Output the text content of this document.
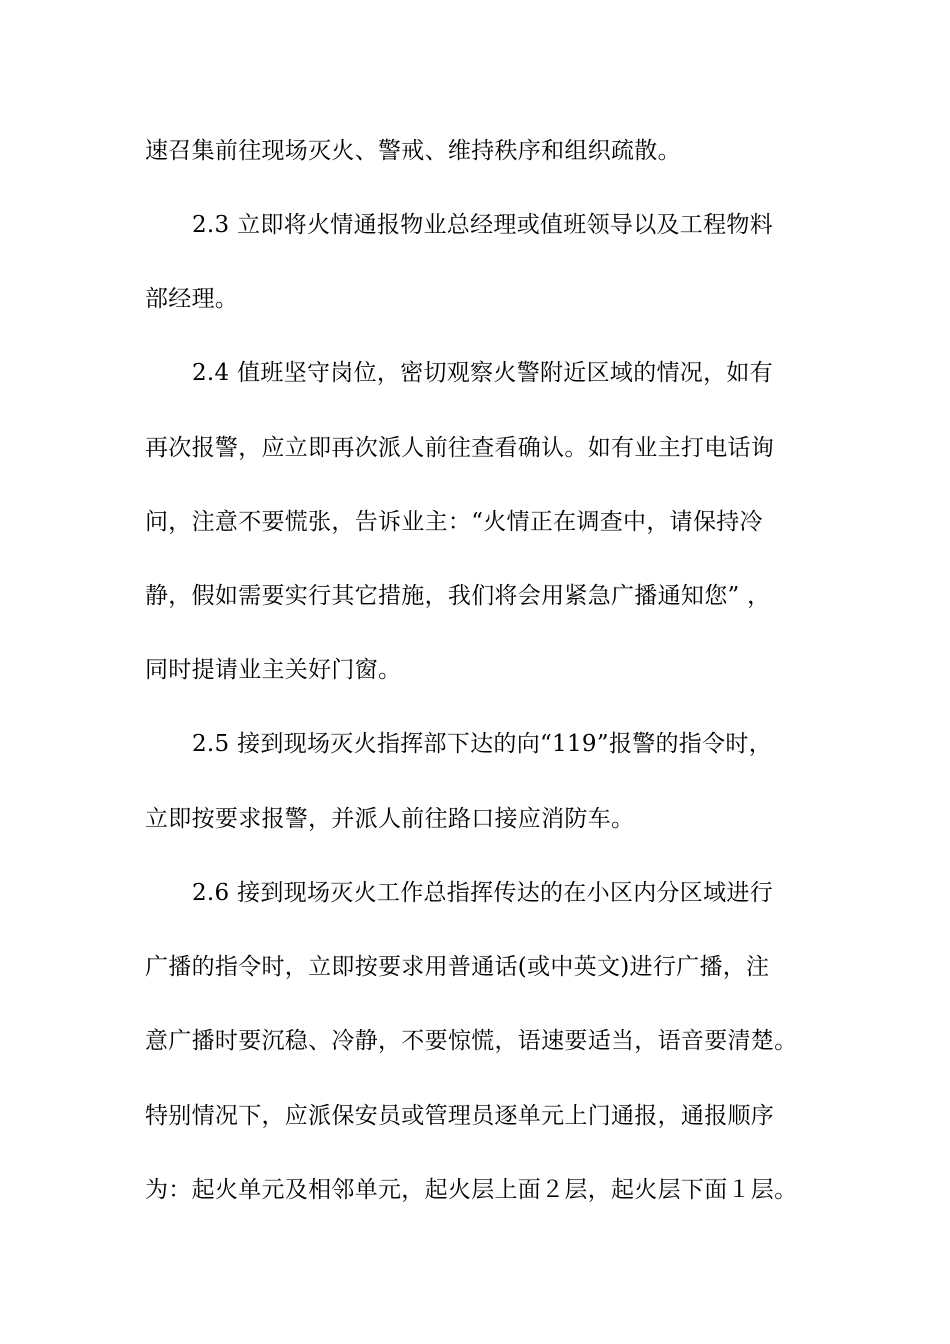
速召集前往现场灭火、警戒、维持秩序和组织疏散。
2.3 立即将火情通报物业总经理或值班领导以及工程物料
部经理。
2.4 值班坚守岗位，密切观察火警附近区域的情况，如有
再次报警，应立即再次派人前往查看确认。如有业主打电话询
问，注意不要慌张，告诉业主：“火情正在调查中，请保持冷
静，假如需要实行其它措施，我们将会用紧急广播通知您” ，
同时提请业主关好门窗。
2.5 接到现场灭火指挥部下达的向“119”报警的指令时，
立即按要求报警，并派人前往路口接应消防车。
2.6 接到现场灭火工作总指挥传达的在小区内分区域进行
广播的指令时，立即按要求用普通话(或中英文)进行广播，注
意广播时要沉稳、冷静，不要惊慌，语速要适当，语音要清楚。
特别情况下，应派保安员或管理员逐单元上门通报，通报顺序
为：起火单元及相邻单元，起火层上面２层，起火层下面１层。
